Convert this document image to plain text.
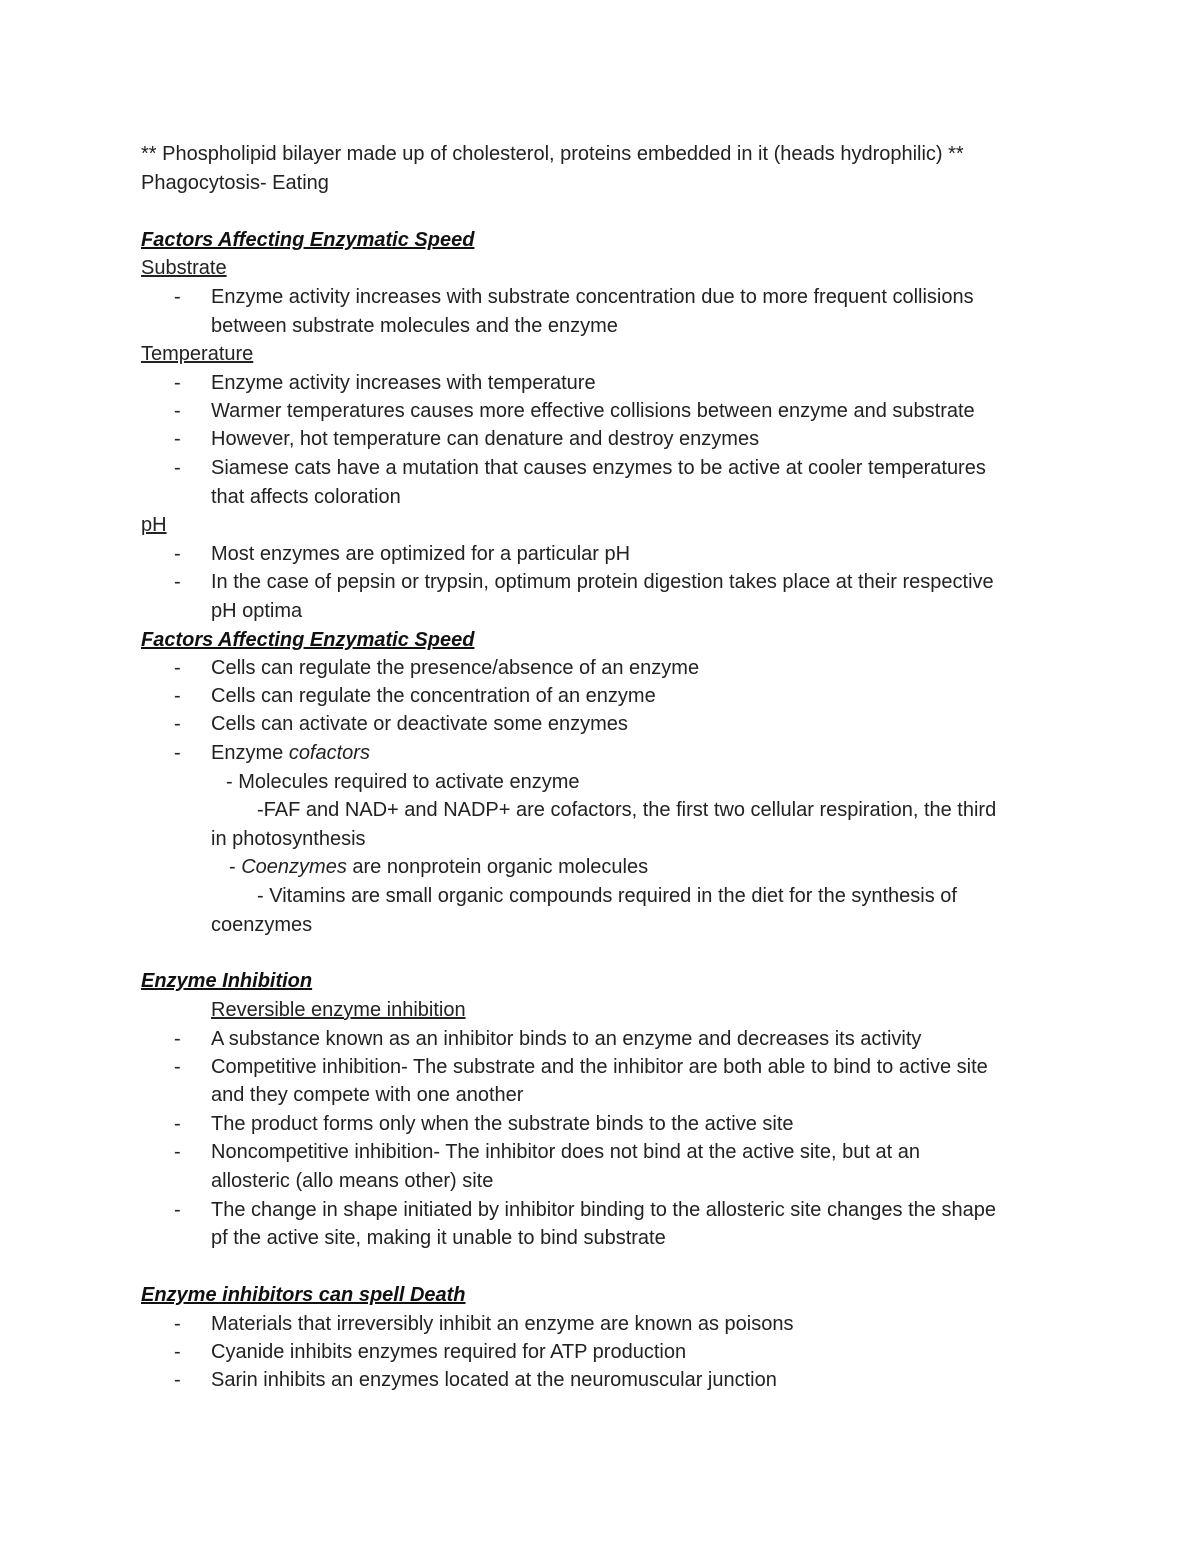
** Phospholipid bilayer made up of cholesterol, proteins embedded in it (heads hydrophilic) **
Phagocytosis- Eating
Factors Affecting Enzymatic Speed
Substrate
- Enzyme activity increases with substrate concentration due to more frequent collisions
between substrate molecules and the enzyme
Temperature
- Enzyme activity increases with temperature
- Warmer temperatures causes more effective collisions between enzyme and substrate
- However, hot temperature can denature and destroy enzymes
- Siamese cats have a mutation that causes enzymes to be active at cooler temperatures
that affects coloration
pH
- Most enzymes are optimized for a particular pH
- In the case of pepsin or trypsin, optimum protein digestion takes place at their respective
pH optima
Factors Affecting Enzymatic Speed
- Cells can regulate the presence/absence of an enzyme
- Cells can regulate the concentration of an enzyme
- Cells can activate or deactivate some enzymes
- Enzyme cofactors
- Molecules required to activate enzyme
-FAF and NAD+ and NADP+ are cofactors, the first two cellular respiration, the third
in photosynthesis
- Coenzymes are nonprotein organic molecules
- Vitamins are small organic compounds required in the diet for the synthesis of
coenzymes
Enzyme Inhibition
Reversible enzyme inhibition
- A substance known as an inhibitor binds to an enzyme and decreases its activity
- Competitive inhibition- The substrate and the inhibitor are both able to bind to active site
and they compete with one another
- The product forms only when the substrate binds to the active site
- Noncompetitive inhibition- The inhibitor does not bind at the active site, but at an
allosteric (allo means other) site
- The change in shape initiated by inhibitor binding to the allosteric site changes the shape
pf the active site, making it unable to bind substrate
Enzyme inhibitors can spell Death
- Materials that irreversibly inhibit an enzyme are known as poisons
- Cyanide inhibits enzymes required for ATP production
- Sarin inhibits an enzymes located at the neuromuscular junction
